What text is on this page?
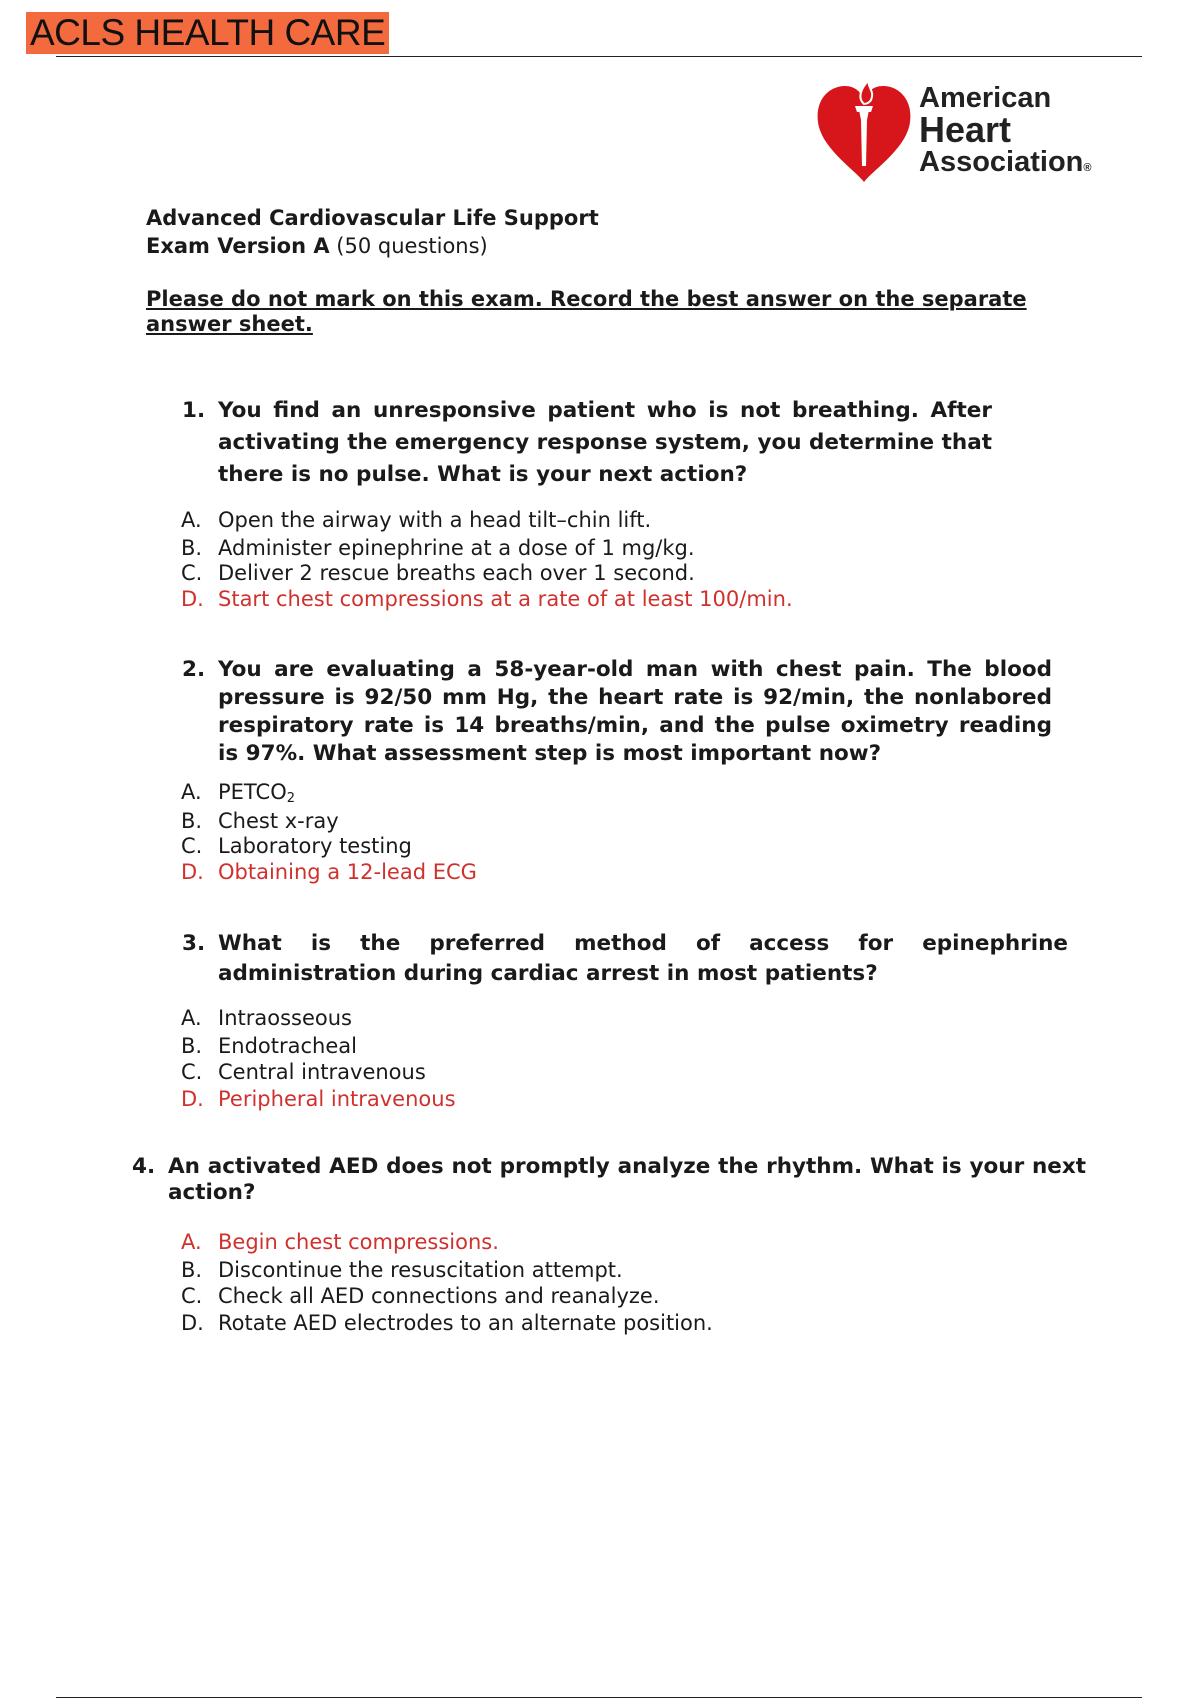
ACLS HEALTH CARE
American
Heart
Association®
Advanced Cardiovascular Life Support
Exam Version A (50 questions)
Please do not mark on this exam. Record the best answer on the separate answer sheet.
1. You find an unresponsive patient who is not breathing. After activating the emergency response system, you determine that there is no pulse. What is your next action?
A. Open the airway with a head tilt–chin lift.
B. Administer epinephrine at a dose of 1 mg/kg.
C. Deliver 2 rescue breaths each over 1 second.
D. Start chest compressions at a rate of at least 100/min.
2. You are evaluating a 58-year-old man with chest pain. The blood pressure is 92/50 mm Hg, the heart rate is 92/min, the nonlabored respiratory rate is 14 breaths/min, and the pulse oximetry reading is 97%. What assessment step is most important now?
A. $PETCO_2$
B. Chest x-ray
C. Laboratory testing
D. Obtaining a 12-lead ECG
3. What is the preferred method of access for epinephrine administration during cardiac arrest in most patients?
A. Intraosseous
B. Endotracheal
C. Central intravenous
D. Peripheral intravenous
4. An activated AED does not promptly analyze the rhythm. What is your next action?
A. Begin chest compressions.
B. Discontinue the resuscitation attempt.
C. Check all AED connections and reanalyze.
D. Rotate AED electrodes to an alternate position.
